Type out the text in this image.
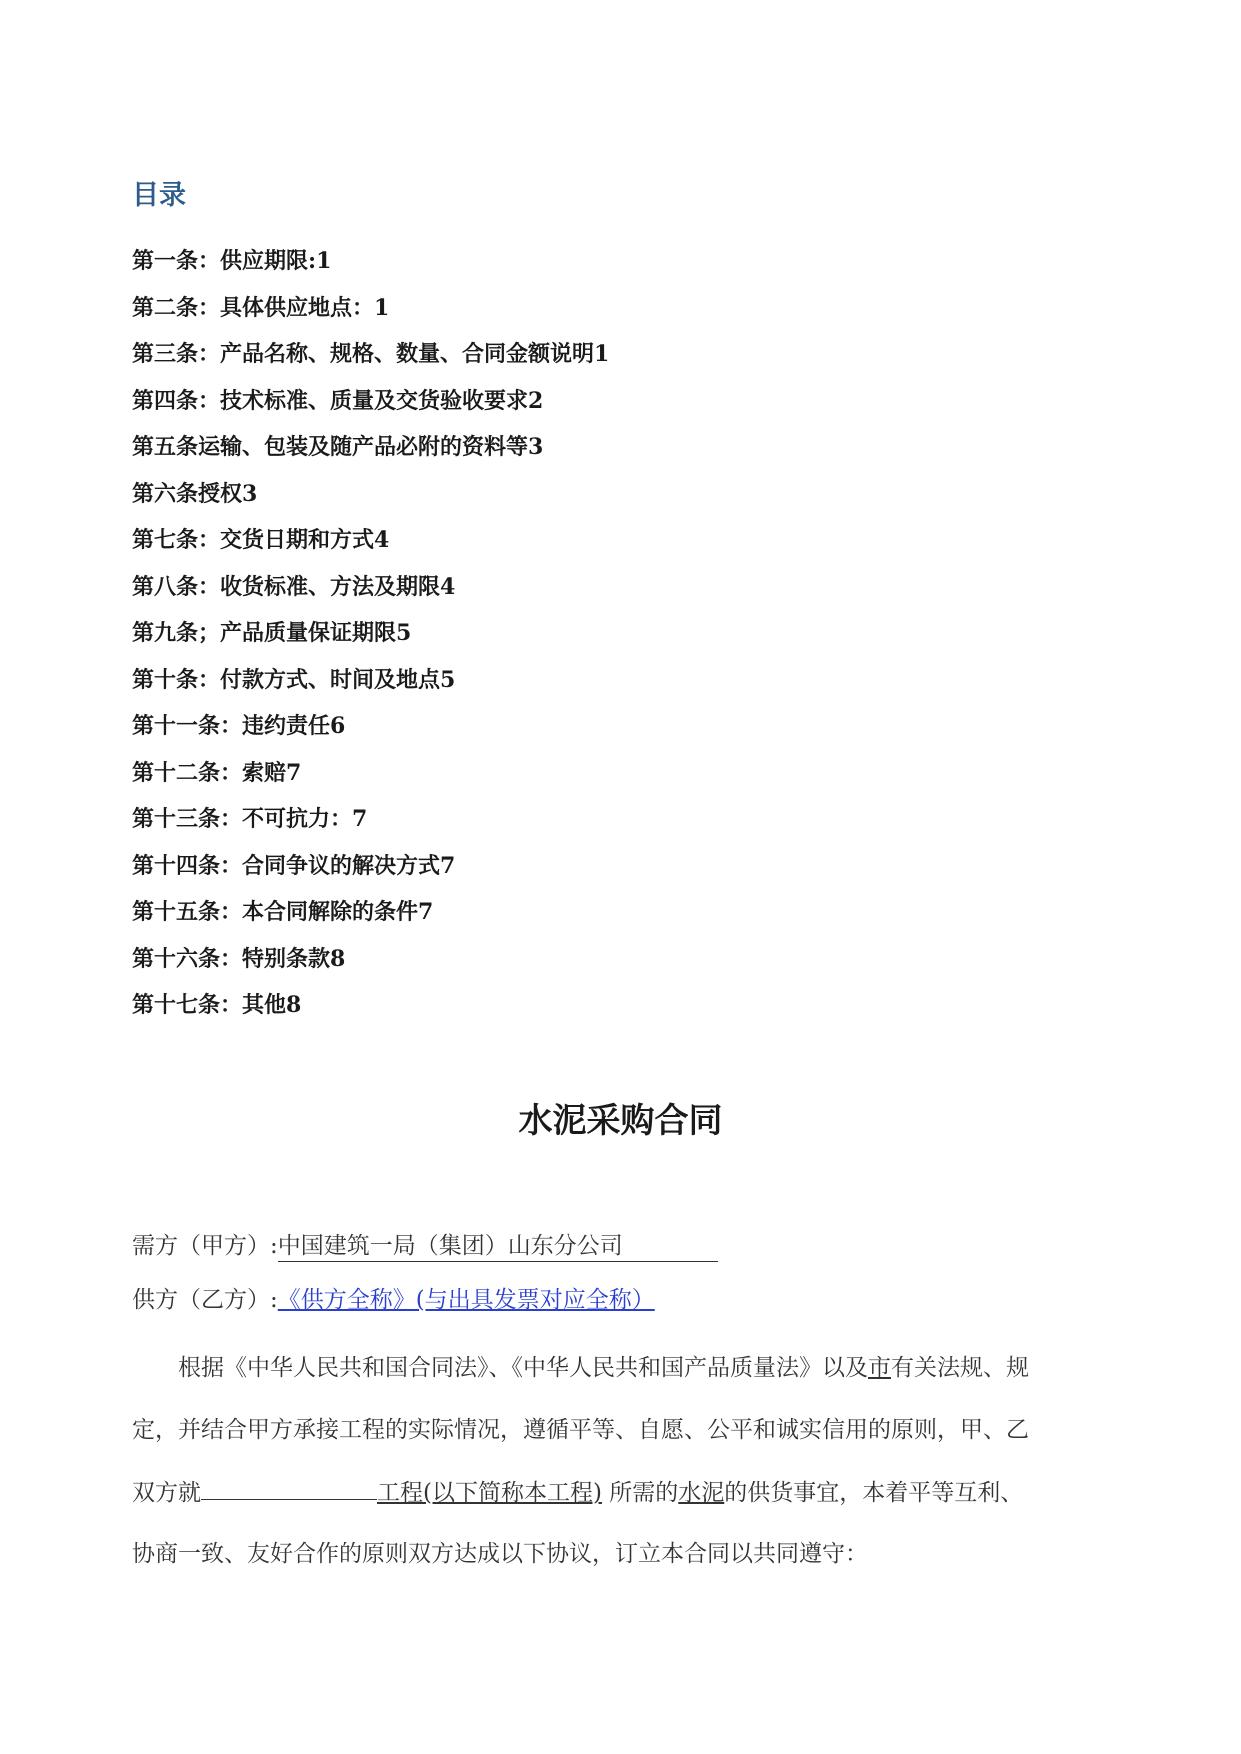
目录
第一条：供应期限:1
第二条：具体供应地点：1
第三条：产品名称、规格、数量、合同金额说明1
第四条：技术标准、质量及交货验收要求2
第五条运输、包装及随产品必附的资料等3
第六条授权3
第七条：交货日期和方式4
第八条：收货标准、方法及期限4
第九条；产品质量保证期限5
第十条：付款方式、时间及地点5
第十一条：违约责任6
第十二条：索赔7
第十三条：不可抗力：7
第十四条：合同争议的解决方式7
第十五条：本合同解除的条件7
第十六条：特别条款8
第十七条：其他8
水泥采购合同
需方（甲方）:中国建筑一局（集团）山东分公司
供方（乙方）:《供方全称》(与出具发票对应全称）

根据《中华人民共和国合同法》、《中华人民共和国产品质量法》以及市有关法规、规

定，并结合甲方承接工程的实际情况，遵循平等、自愿、公平和诚实信用的原则，甲、乙

双方就	工程(以下简称本工程) 所需的水泥的供货事宜，本着平等互利、

协商一致、友好合作的原则双方达成以下协议，订立本合同以共同遵守：
